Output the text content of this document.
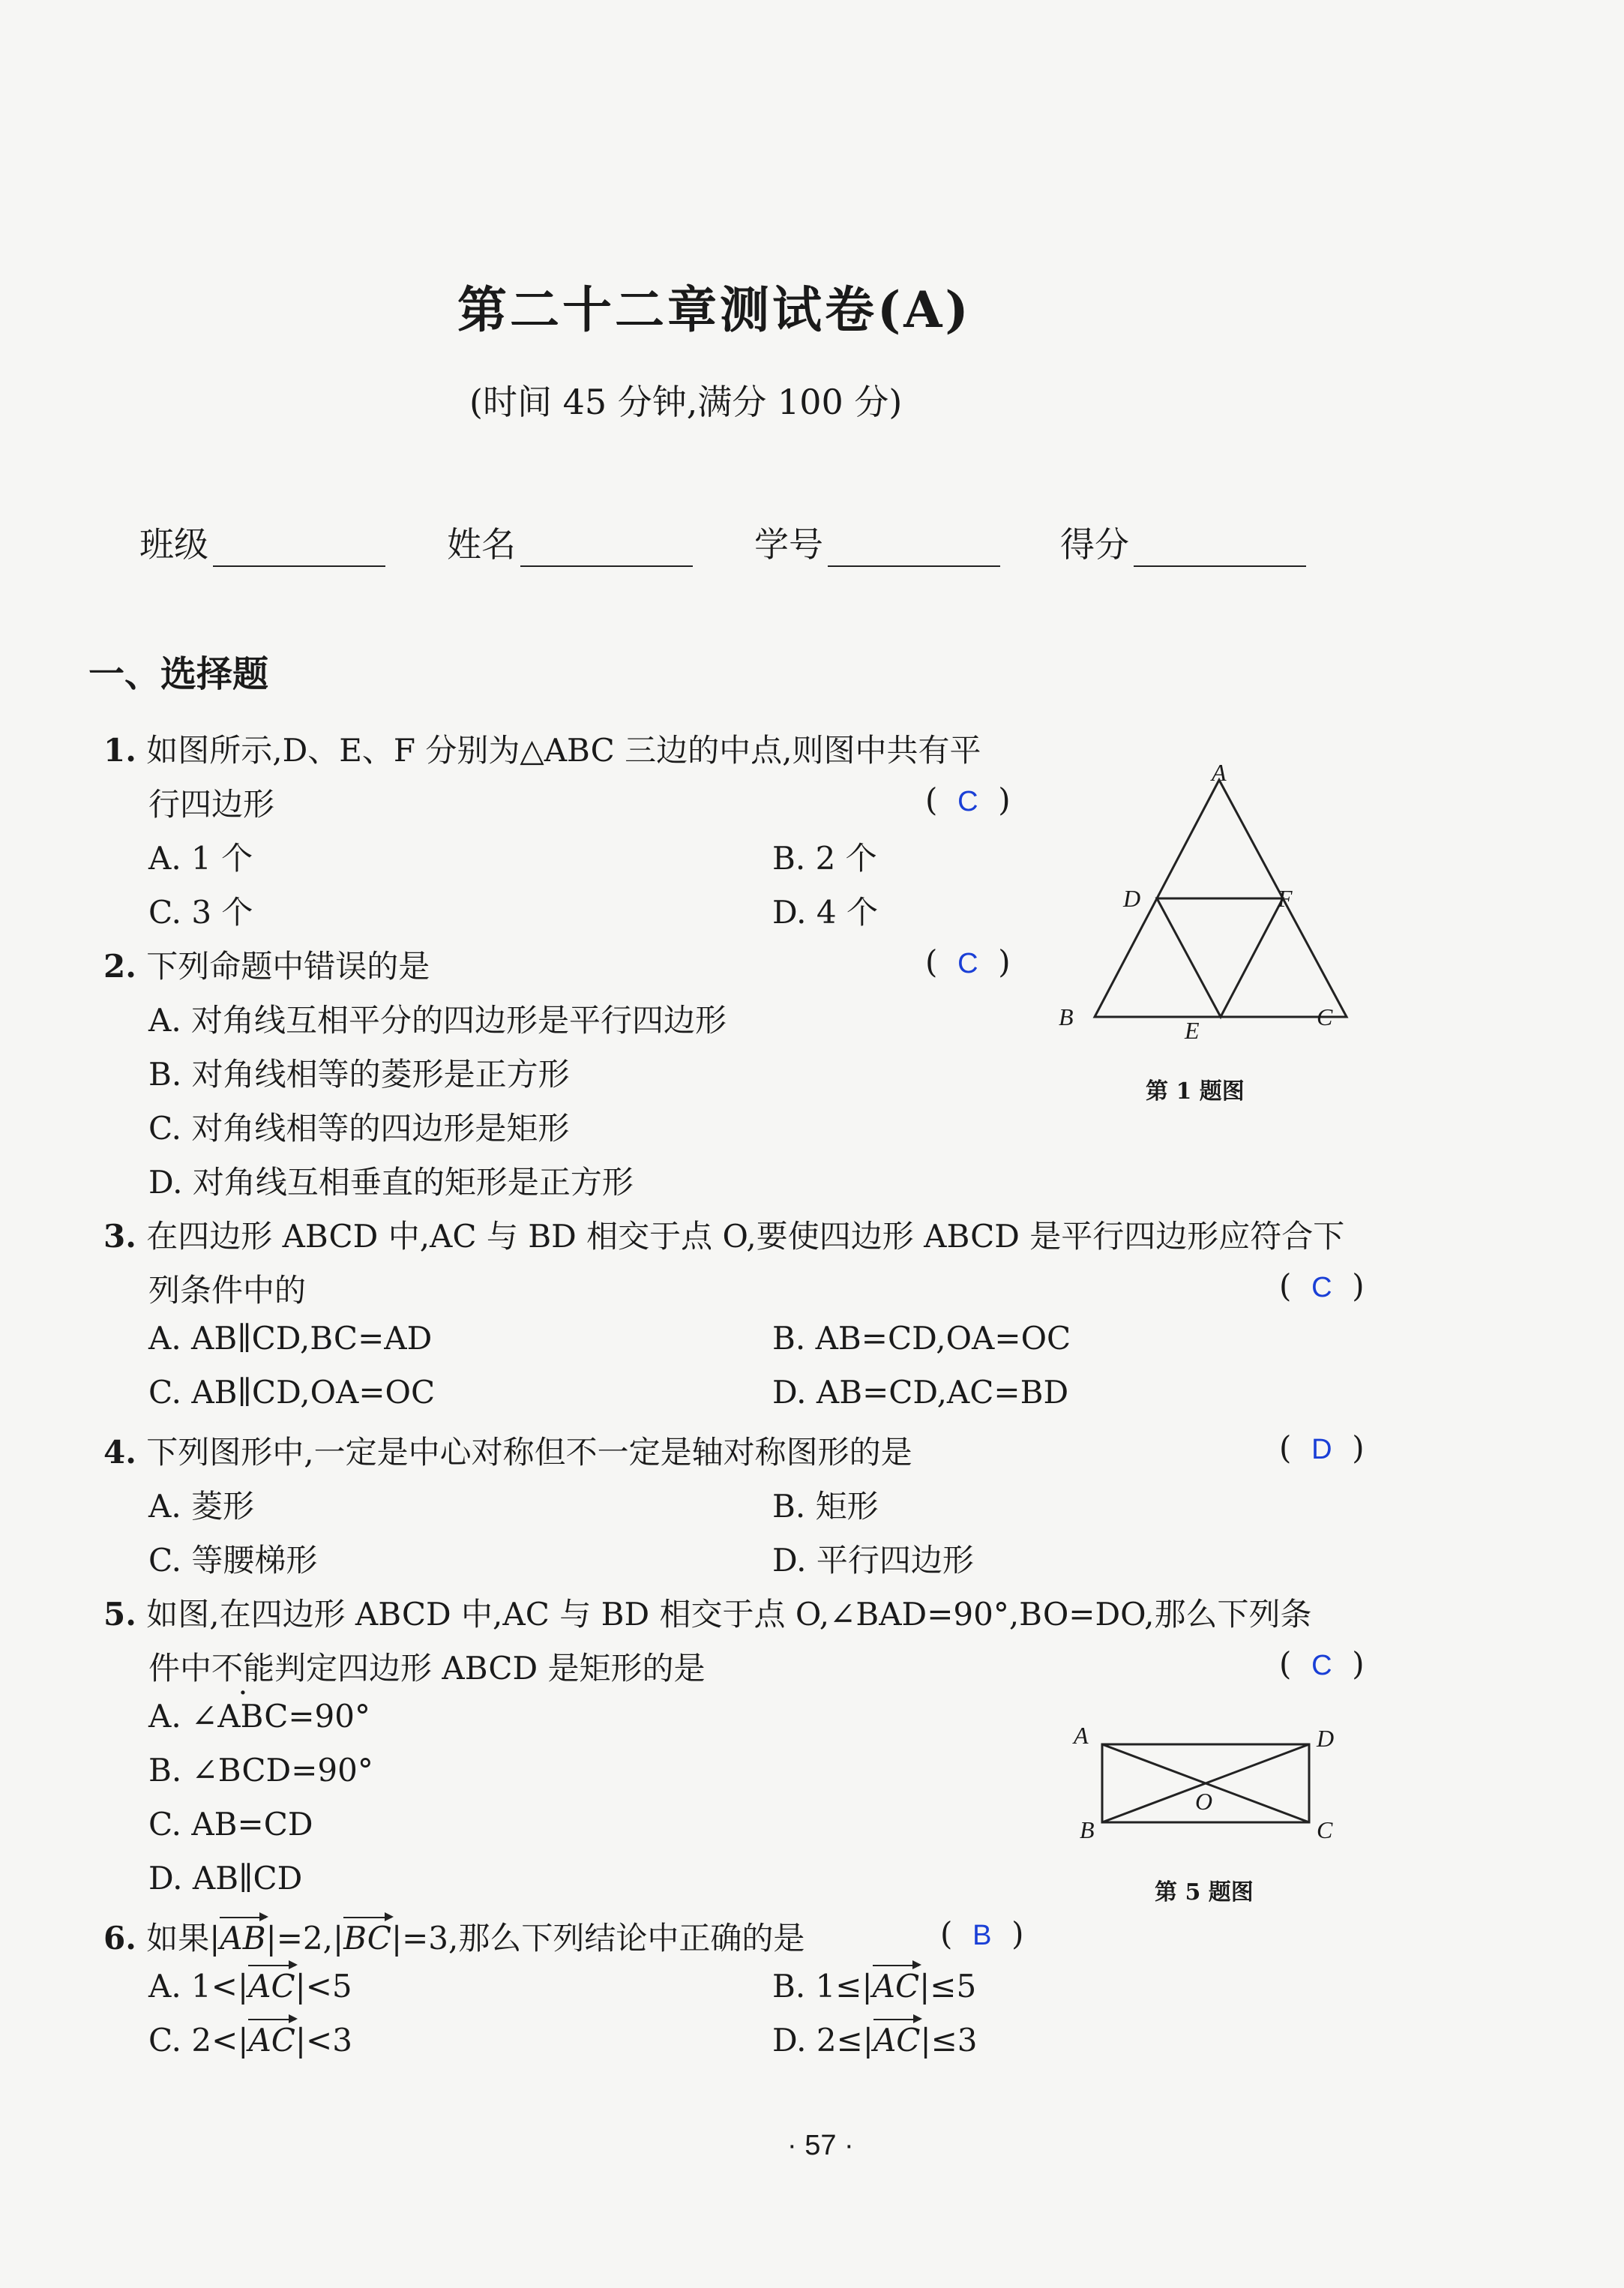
第二十二章测试卷(A)
(时间 45 分钟,满分 100 分)
班级	姓名	学号	得分
一、选择题
1. 如图所示,D、E、F 分别为△ABC 三边的中点,则图中共有平
行四边形	(  C  )
A. 1 个	B. 2 个
C. 3 个	D. 4 个
A
D	F
B	E	C
第 1 题图
2. 下列命题中错误的是	(  C  )
A. 对角线互相平分的四边形是平行四边形
B. 对角线相等的菱形是正方形
C. 对角线相等的四边形是矩形
D. 对角线互相垂直的矩形是正方形
3. 在四边形 ABCD 中,AC 与 BD 相交于点 O,要使四边形 ABCD 是平行四边形应符合下
列条件中的	(  C  )
A. AB∥CD,BC=AD	B. AB=CD,OA=OC
C. AB∥CD,OA=OC	D. AB=CD,AC=BD
4. 下列图形中,一定是中心对称但不一定是轴对称图形的是	(  D  )
A. 菱形	B. 矩形
C. 等腰梯形	D. 平行四边形
5. 如图,在四边形 ABCD 中,AC 与 BD 相交于点 O,∠BAD=90°,BO=DO,那么下列条
件中不能判定四边形 ABCD 是矩形的是	(  C  )
A. ∠ABC=90°
B. ∠BCD=90°
C. AB=CD
D. AB∥CD
A	D
O
B	C
第 5 题图
6. 如果|AB|=2,|BC|=3,那么下列结论中正确的是	(  B  )
A. 1<|AC|<5	B. 1≤|AC|≤5
C. 2<|AC|<3	D. 2≤|AC|≤3
· 57 ·
